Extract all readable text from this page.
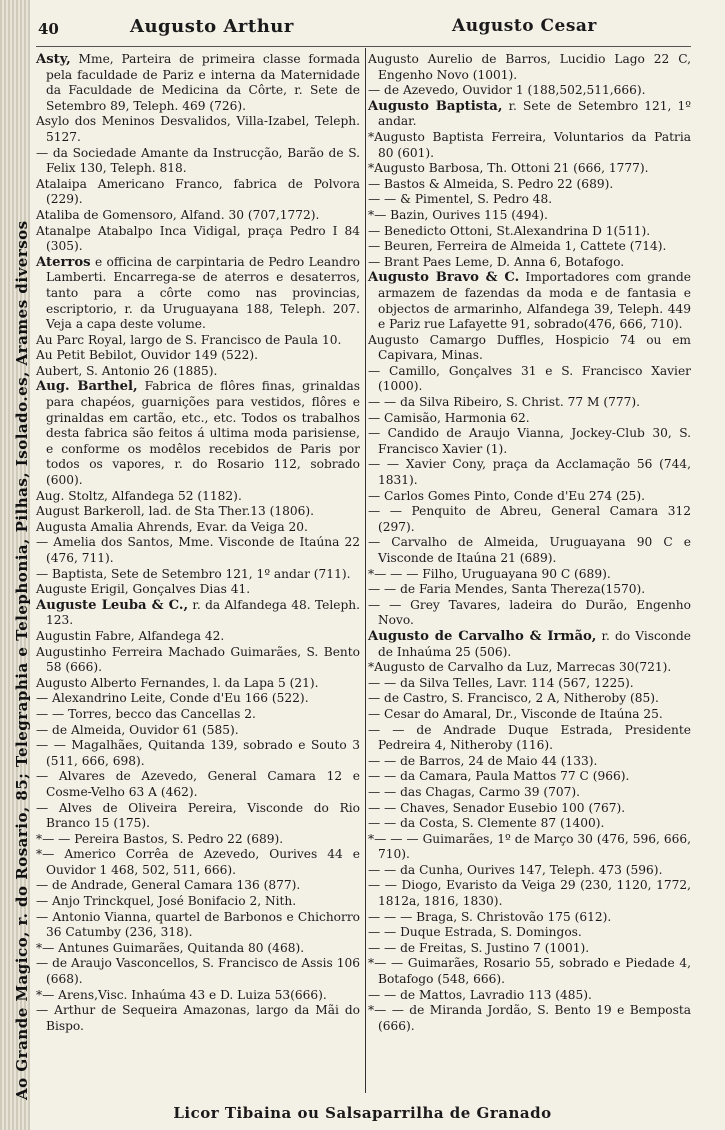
Ao Grande Magico, r. do Rosario, 85; Telegraphia e Telephonia, Pilhas, Isolado.es, Arames diversos
40	Augusto Arthur	Augusto Cesar
Asty, Mme, Parteira de primeira classe formada pela faculdade de Pariz e interna da Maternidade da Faculdade de Medicina da Côrte, r. Sete de Setembro 89, Teleph. 469 (726).
Asylo dos Meninos Desvalidos, Villa-Izabel, Teleph. 5127.
— da Sociedade Amante da Instrucção, Barão de S. Felix 130, Teleph. 818.
Atalaipa Americano Franco, fabrica de Polvora (229).
Ataliba de Gomensoro, Alfand. 30 (707,1772).
Atanalpe Atabalpo Inca Vidigal, praça Pedro I 84 (305).
Aterros e officina de carpintaria de Pedro Leandro Lamberti. Encarrega-se de aterros e desaterros, tanto para a côrte como nas provincias, escriptorio, r. da Uruguayana 188, Teleph. 207. Veja a capa deste volume.
Au Parc Royal, largo de S. Francisco de Paula 10.
Au Petit Bebilot, Ouvidor 149 (522).
Aubert, S. Antonio 26 (1885).
Aug. Barthel, Fabrica de flôres finas, grinaldas para chapéos, guarnições para vestidos, flôres e grinaldas em cartão, etc., etc. Todos os trabalhos desta fabrica são feitos á ultima moda parisiense, e conforme os modêlos recebidos de Paris por todos os vapores, r. do Rosario 112, sobrado (600).
Aug. Stoltz, Alfandega 52 (1182).
August Barkeroll, lad. de Sta Ther.13 (1806).
Augusta Amalia Ahrends, Evar. da Veiga 20.
— Amelia dos Santos, Mme. Visconde de Itaúna 22 (476, 711).
— Baptista, Sete de Setembro 121, 1º andar (711).
Auguste Erigil, Gonçalves Dias 41.
Auguste Leuba & C., r. da Alfandega 48. Teleph. 123.
Augustin Fabre, Alfandega 42.
Augustinho Ferreira Machado Guimarães, S. Bento 58 (666).
Augusto Alberto Fernandes, l. da Lapa 5 (21).
— Alexandrino Leite, Conde d'Eu 166 (522).
— — Torres, becco das Cancellas 2.
— de Almeida, Ouvidor 61 (585).
— — Magalhães, Quitanda 139, sobrado e Souto 3 (511, 666, 698).
— Alvares de Azevedo, General Camara 12 e Cosme-Velho 63 A (462).
— Alves de Oliveira Pereira, Visconde do Rio Branco 15 (175).
*— — Pereira Bastos, S. Pedro 22 (689).
*— Americo Corrêa de Azevedo, Ourives 44 e Ouvidor 1 468, 502, 511, 666).
— de Andrade, General Camara 136 (877).
— Anjo Trinckquel, José Bonifacio 2, Nith.
— Antonio Vianna, quartel de Barbonos e Chichorro 36 Catumby (236, 318).
*— Antunes Guimarães, Quitanda 80 (468).
— de Araujo Vasconcellos, S. Francisco de Assis 106 (668).
*— Arens,Visc. Inhaúma 43 e D. Luiza 53(666).
— Arthur de Sequeira Amazonas, largo da Mãi do Bispo.
Augusto Aurelio de Barros, Lucidio Lago 22 C, Engenho Novo (1001).
— de Azevedo, Ouvidor 1 (188,502,511,666).
Augusto Baptista, r. Sete de Setembro 121, 1º andar.
*Augusto Baptista Ferreira, Voluntarios da Patria 80 (601).
*Augusto Barbosa, Th. Ottoni 21 (666, 1777).
— Bastos & Almeida, S. Pedro 22 (689).
— — & Pimentel, S. Pedro 48.
*— Bazin, Ourives 115 (494).
— Benedicto Ottoni, St.Alexandrina D 1(511).
— Beuren, Ferreira de Almeida 1, Cattete (714).
— Brant Paes Leme, D. Anna 6, Botafogo.
Augusto Bravo & C. Importadores com grande armazem de fazendas da moda e de fantasia e objectos de armarinho, Alfandega 39, Teleph. 449 e Pariz rue Lafayette 91, sobrado(476, 666, 710).
Augusto Camargo Duffles, Hospicio 74 ou em Capivara, Minas.
— Camillo, Gonçalves 31 e S. Francisco Xavier (1000).
— — da Silva Ribeiro, S. Christ. 77 M (777).
— Camisão, Harmonia 62.
— Candido de Araujo Vianna, Jockey-Club 30, S. Francisco Xavier (1).
— — Xavier Cony, praça da Acclamação 56 (744, 1831).
— Carlos Gomes Pinto, Conde d'Eu 274 (25).
— — Penquito de Abreu, General Camara 312 (297).
— Carvalho de Almeida, Uruguayana 90 C e Visconde de Itaúna 21 (689).
*— — — Filho, Uruguayana 90 C (689).
— — de Faria Mendes, Santa Thereza(1570).
— — Grey Tavares, ladeira do Durão, Engenho Novo.
Augusto de Carvalho & Irmão, r. do Visconde de Inhaúma 25 (506).
*Augusto de Carvalho da Luz, Marrecas 30(721).
— — da Silva Telles, Lavr. 114 (567, 1225).
— de Castro, S. Francisco, 2 A, Nitheroby (85).
— Cesar do Amaral, Dr., Visconde de Itaúna 25.
— — de Andrade Duque Estrada, Presidente Pedreira 4, Nitheroby (116).
— — de Barros, 24 de Maio 44 (133).
— — da Camara, Paula Mattos 77 C (966).
— — das Chagas, Carmo 39 (707).
— — Chaves, Senador Eusebio 100 (767).
— — da Costa, S. Clemente 87 (1400).
*— — — Guimarães, 1º de Março 30 (476, 596, 666, 710).
— — da Cunha, Ourives 147, Teleph. 473 (596).
— — Diogo, Evaristo da Veiga 29 (230, 1120, 1772, 1812a, 1816, 1830).
— — — Braga, S. Christovão 175 (612).
— — Duque Estrada, S. Domingos.
— — de Freitas, S. Justino 7 (1001).
*— — Guimarães, Rosario 55, sobrado e Piedade 4, Botafogo (548, 666).
— — de Mattos, Lavradio 113 (485).
*— — de Miranda Jordão, S. Bento 19 e Bemposta (666).
Licor Tibaina ou Salsaparrilha de Granado
